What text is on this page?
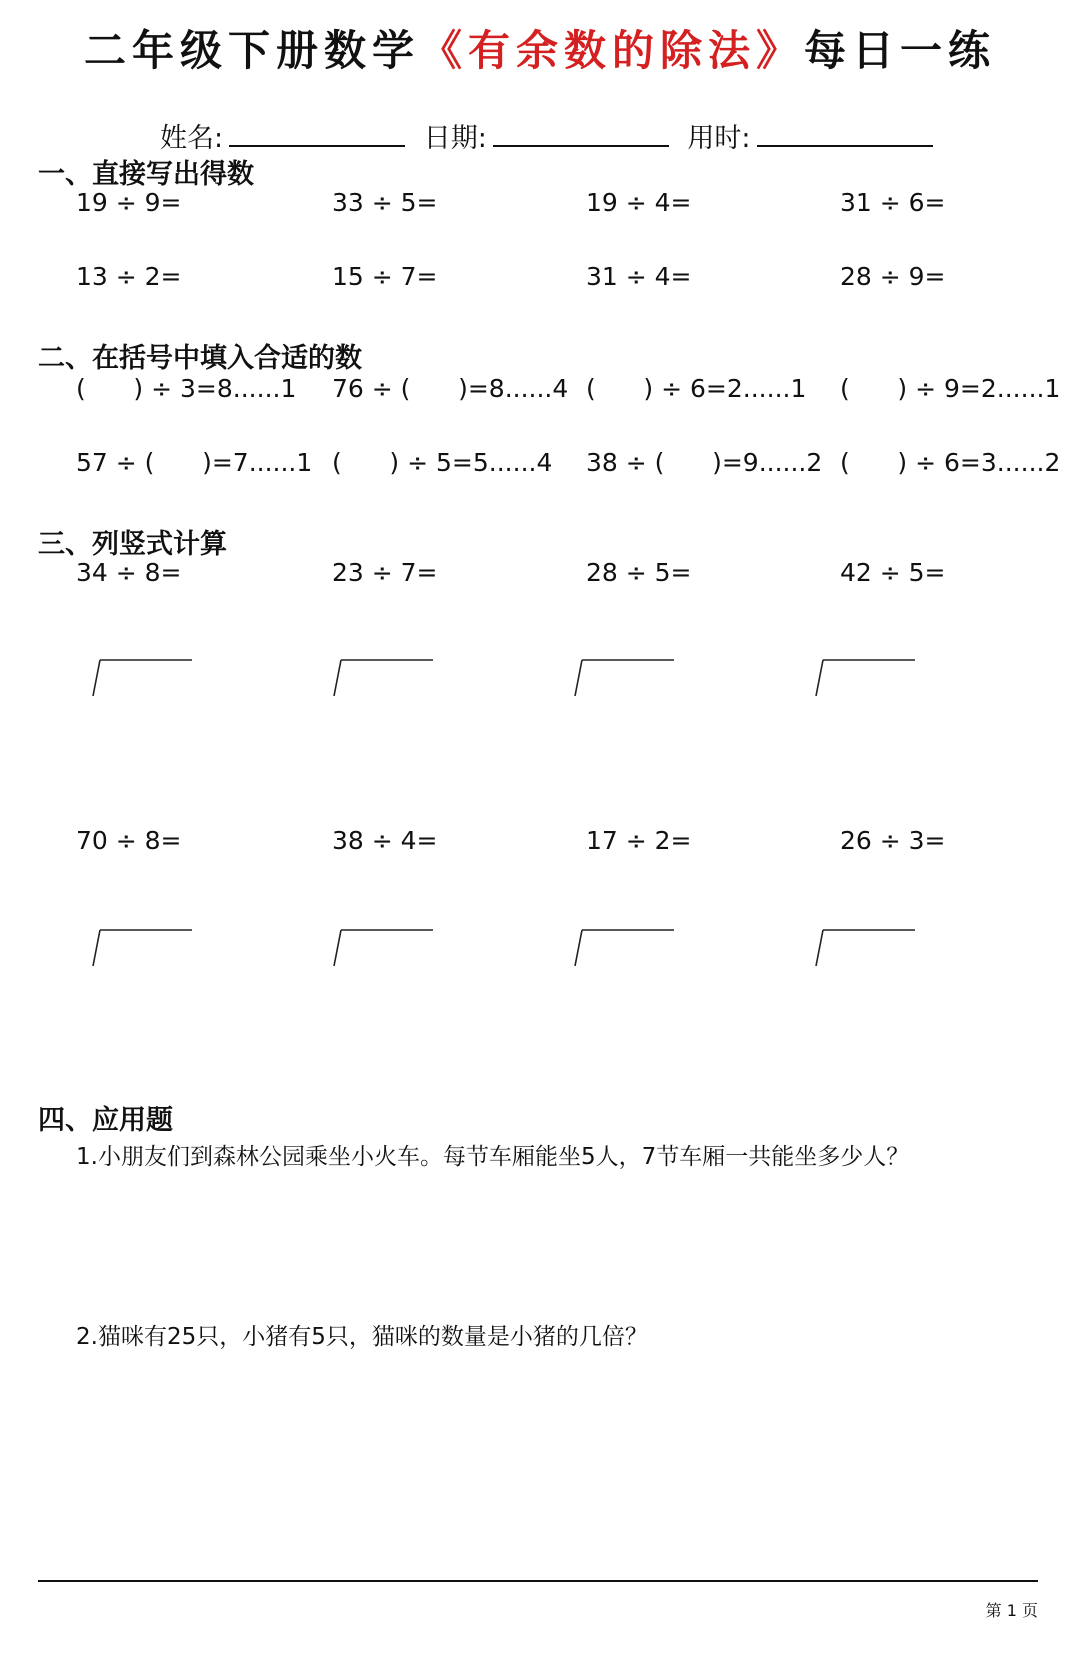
二年级下册数学《有余数的除法》每日一练
姓名:	日期:	用时:
一、直接写出得数
19 ÷ 9=	33 ÷ 5=	19 ÷ 4=	31 ÷ 6=
13 ÷ 2=	15 ÷ 7=	31 ÷ 4=	28 ÷ 9=
二、在括号中填入合适的数
(      ) ÷ 3=8......1 76 ÷ (      )=8......4 (      ) ÷ 6=2......1 (      ) ÷ 9=2......1
57 ÷ (      )=7......1 (      ) ÷ 5=5......4 38 ÷ (      )=9......2 (      ) ÷ 6=3......2
三、列竖式计算
34 ÷ 8=	23 ÷ 7=	28 ÷ 5=	42 ÷ 5=
70 ÷ 8=	38 ÷ 4=	17 ÷ 2=	26 ÷ 3=
四、应用题
1.小朋友们到森林公园乘坐小火车。每节车厢能坐5人，7节车厢一共能坐多少人？
2.猫咪有25只，小猪有5只，猫咪的数量是小猪的几倍？
第 1 页
